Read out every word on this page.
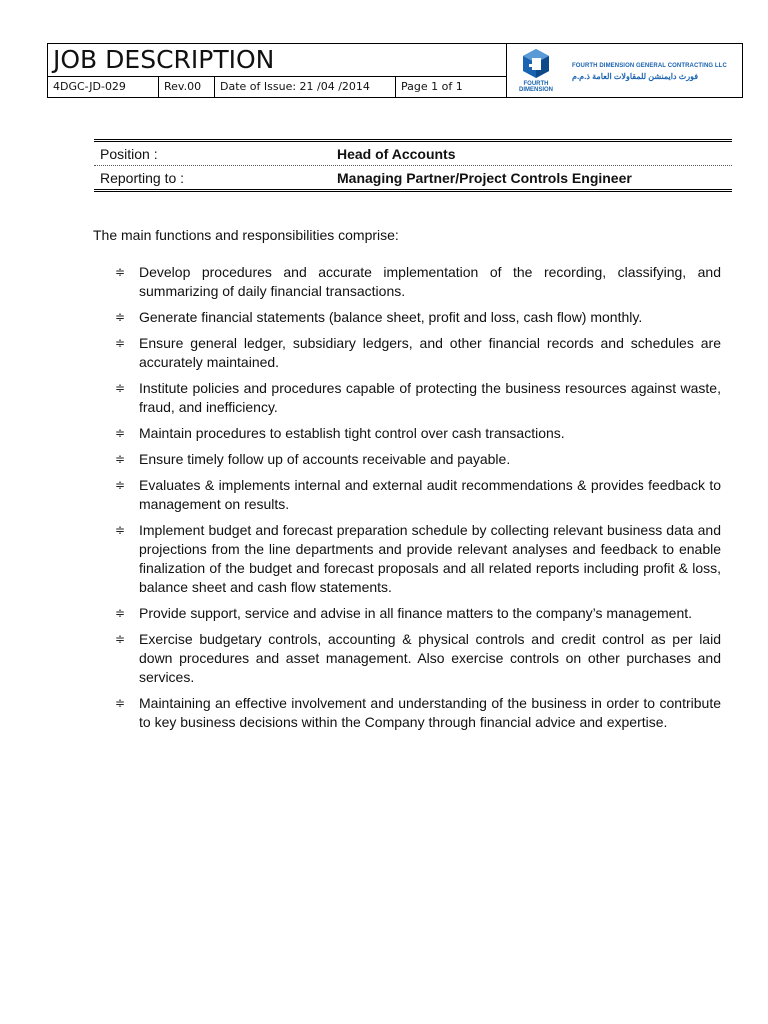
JOB DESCRIPTION
4DGC-JD-029	Rev.00	Date of Issue: 21 /04 /2014	Page 1 of 1	FOURTH
DIMENSION
FOURTH DIMENSION GENERAL CONTRACTING LLC
فورث دايمنشن للمقاولات العامة ذ.م.م
Position :	Head of Accounts
Reporting to :	Managing Partner/Project Controls Engineer
The main functions and responsibilities comprise:
≑ Develop procedures and accurate implementation of the recording, classifying, and summarizing of daily financial transactions.
≑ Generate financial statements (balance sheet, profit and loss, cash flow) monthly.
≑ Ensure general ledger, subsidiary ledgers, and other financial records and schedules are accurately maintained.
≑ Institute policies and procedures capable of protecting the business resources against waste, fraud, and inefficiency.
≑ Maintain procedures to establish tight control over cash transactions.
≑ Ensure timely follow up of accounts receivable and payable.
≑ Evaluates & implements internal and external audit recommendations & provides feedback to management on results.
≑ Implement budget and forecast preparation schedule by collecting relevant business data and projections from the line departments and provide relevant analyses and feedback to enable finalization of the budget and forecast proposals and all related reports including profit & loss, balance sheet and cash flow statements.
≑ Provide support, service and advise in all finance matters to the company’s management.
≑ Exercise budgetary controls, accounting & physical controls and credit control as per laid down procedures and asset management. Also exercise controls on other purchases and services.
≑ Maintaining an effective involvement and understanding of the business in order to contribute to key business decisions within the Company through financial advice and expertise.
